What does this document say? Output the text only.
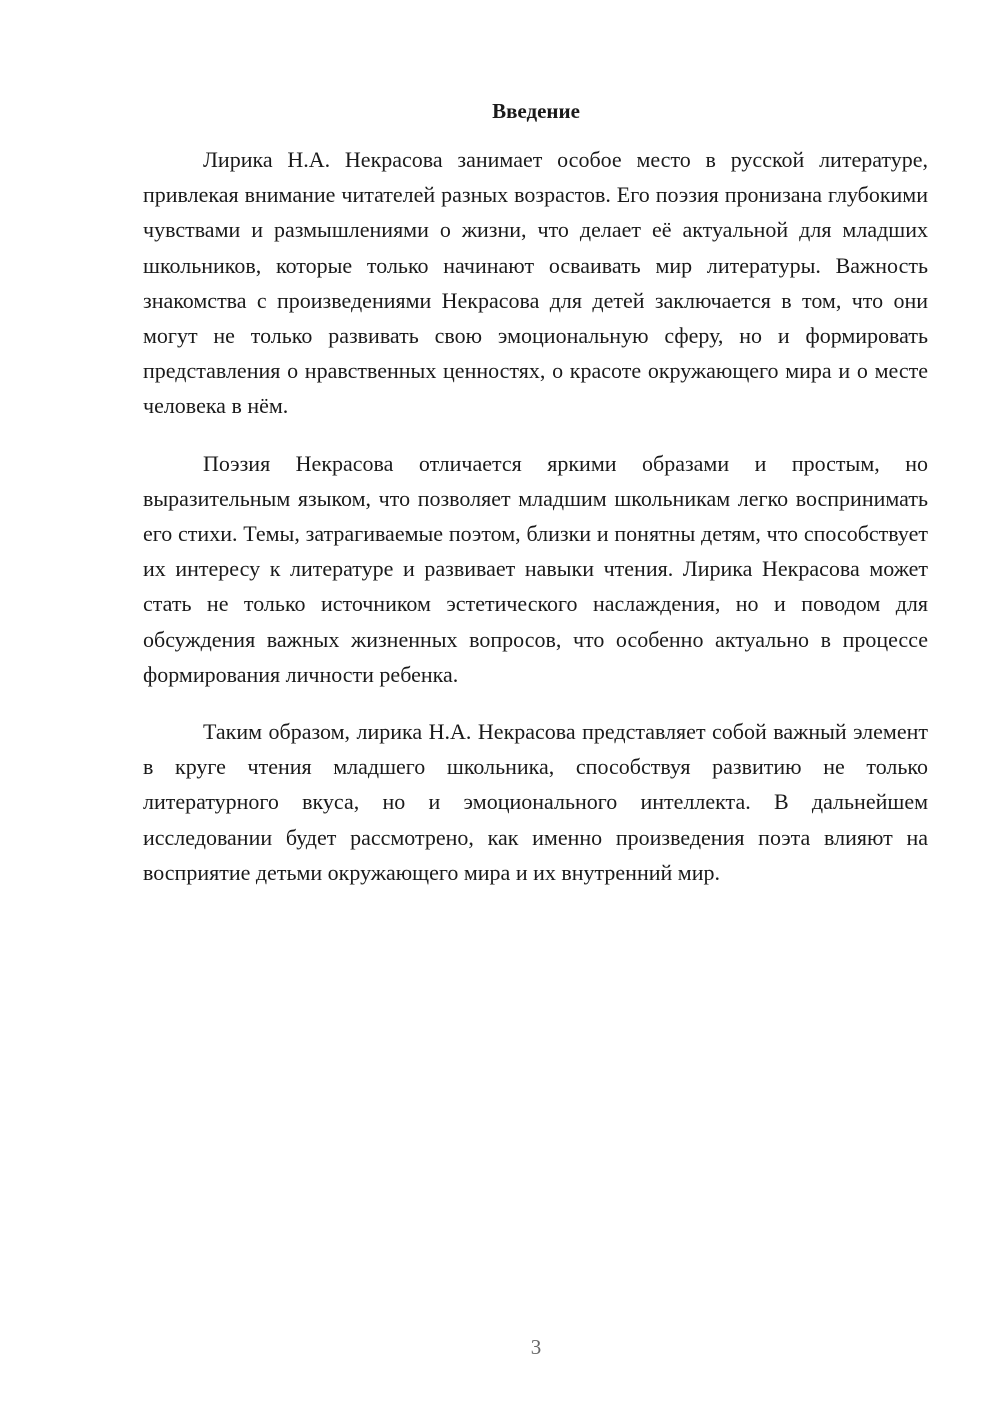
Введение

Лирика Н.А. Некрасова занимает особое место в русской литературе, привлекая внимание читателей разных возрастов. Его поэзия пронизана глубокими чувствами и размышлениями о жизни, что делает её актуальной для младших школьников, которые только начинают осваивать мир литературы. Важность знакомства с произведениями Некрасова для детей заключается в том, что они могут не только развивать свою эмоциональную сферу, но и формировать представления о нравственных ценностях, о красоте окружающего мира и о месте человека в нём.

Поэзия Некрасова отличается яркими образами и простым, но выразительным языком, что позволяет младшим школьникам легко воспринимать его стихи. Темы, затрагиваемые поэтом, близки и понятны детям, что способствует их интересу к литературе и развивает навыки чтения. Лирика Некрасова может стать не только источником эстетического наслаждения, но и поводом для обсуждения важных жизненных вопросов, что особенно актуально в процессе формирования личности ребенка.

Таким образом, лирика Н.А. Некрасова представляет собой важный элемент в круге чтения младшего школьника, способствуя развитию не только литературного вкуса, но и эмоционального интеллекта. В дальнейшем исследовании будет рассмотрено, как именно произведения поэта влияют на восприятие детьми окружающего мира и их внутренний мир.

3
